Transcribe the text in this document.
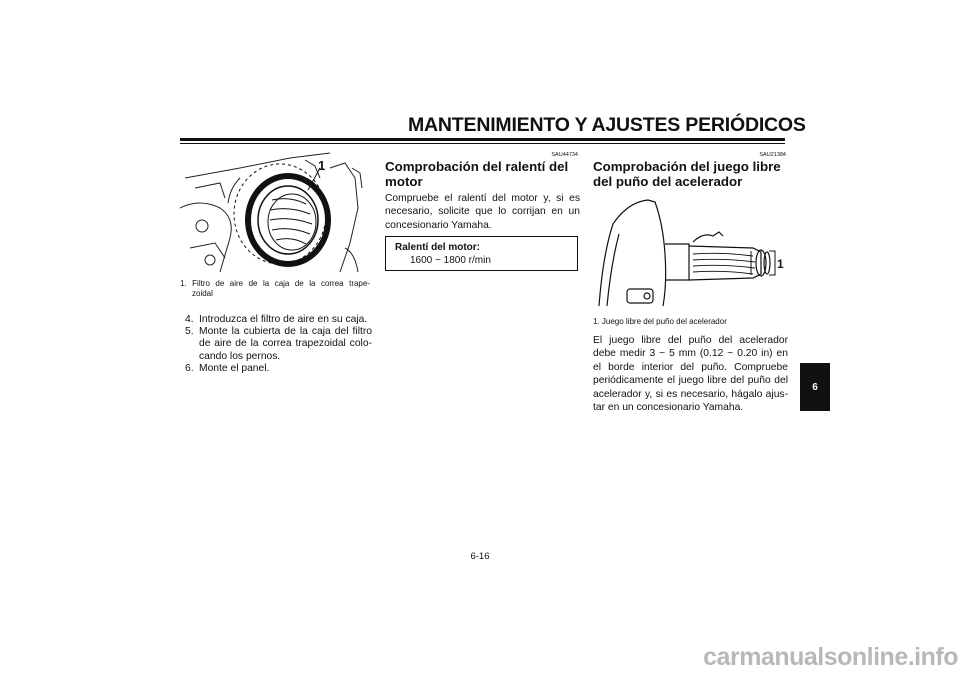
MANTENIMIENTO Y AJUSTES PERIÓDICOS
1
1. Filtro de aire de la caja de la correa trape-
zoidal
4. Introduzca el filtro de aire en su caja.
5. Monte la cubierta de la caja del filtro de aire de la correa trapezoidal colo-cando los pernos.
6. Monte el panel.
SAU44734
Comprobación del ralentí del motor
Compruebe el ralentí del motor y, si es necesario, solicite que lo corrijan en un concesionario Yamaha.
Ralentí del motor:
1600 ~ 1800 r/min
SAU21384
Comprobación del juego libre del puño del acelerador
1
1. Juego libre del puño del acelerador
El juego libre del puño del acelerador debe medir 3 ~ 5 mm (0.12 ~ 0.20 in) en el borde interior del puño. Compruebe periódicamente el juego libre del puño del acelerador y, si es necesario, hágalo ajus-tar en un concesionario Yamaha.
6
6-16
carmanualsonline.info
